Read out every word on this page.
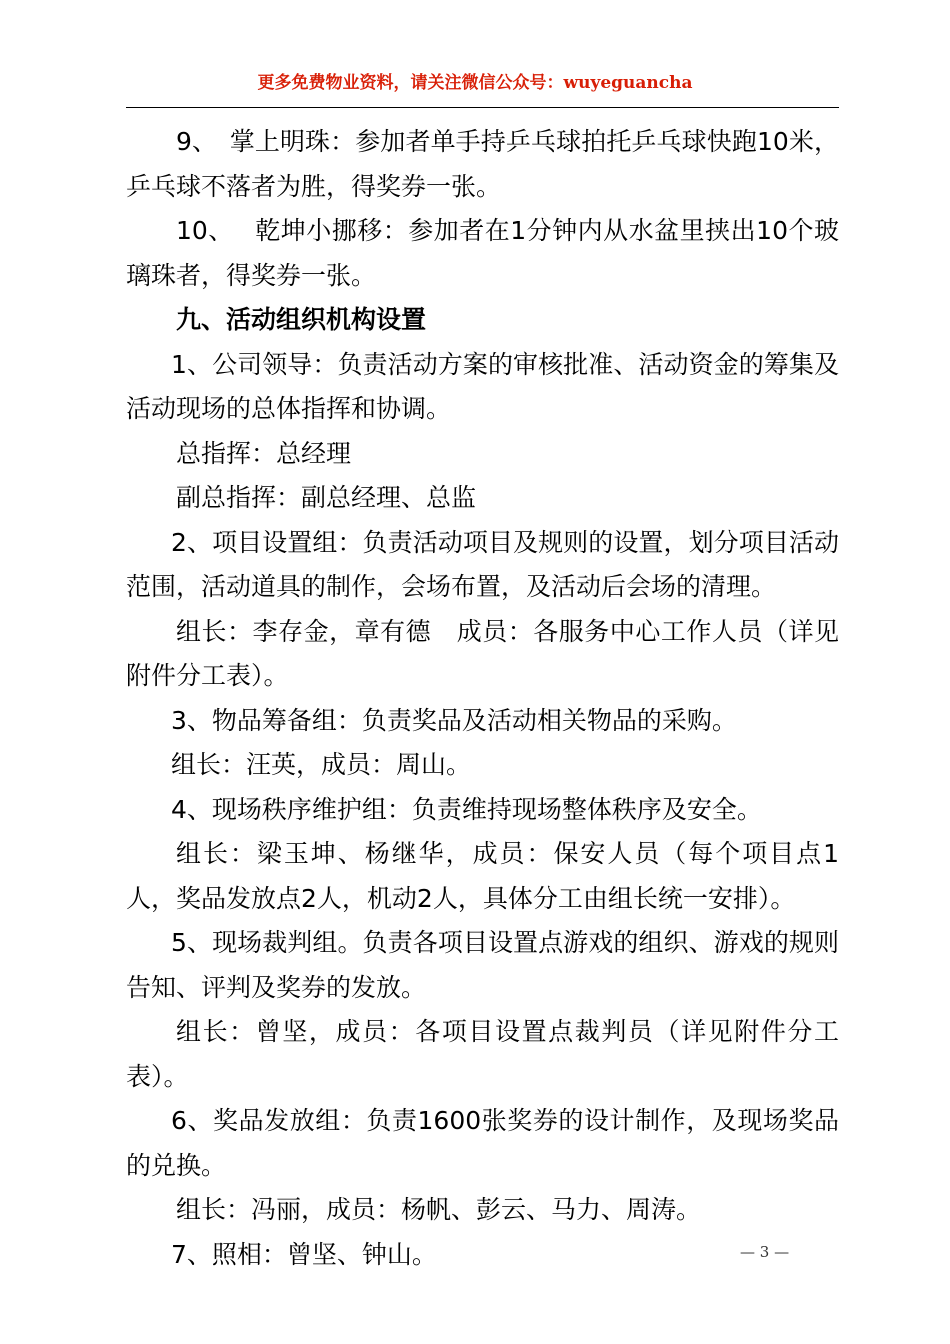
更多免费物业资料，请关注微信公众号：wuyeguancha

9、　掌上明珠：参加者单手持乒乓球拍托乒乓球快跑10米，乒乓球不落者为胜，得奖券一张。

10、　 乾坤小挪移：参加者在1分钟内从水盆里挟出10个玻璃珠者，得奖券一张。

九、活动组织机构设置

1、公司领导：负责活动方案的审核批准、活动资金的筹集及活动现场的总体指挥和协调。

总指挥：总经理

副总指挥：副总经理、总监

2、项目设置组：负责活动项目及规则的设置，划分项目活动范围，活动道具的制作，会场布置，及活动后会场的清理。

组长：李存金，章有德　成员：各服务中心工作人员（详见附件分工表）。

3、物品筹备组：负责奖品及活动相关物品的采购。

组长：汪英，成员：周山。

4、现场秩序维护组：负责维持现场整体秩序及安全。

组长：梁玉坤、杨继华，成员：保安人员（每个项目点1人，奖品发放点2人，机动2人，具体分工由组长统一安排）。

5、现场裁判组。负责各项目设置点游戏的组织、游戏的规则告知、评判及奖券的发放。

组长：曾坚，成员：各项目设置点裁判员（详见附件分工表）。

6、奖品发放组：负责1600张奖券的设计制作，及现场奖品的兑换。

组长：冯丽，成员：杨帆、彭云、马力、周涛。

7、照相：曾坚、钟山。	— 3 —
